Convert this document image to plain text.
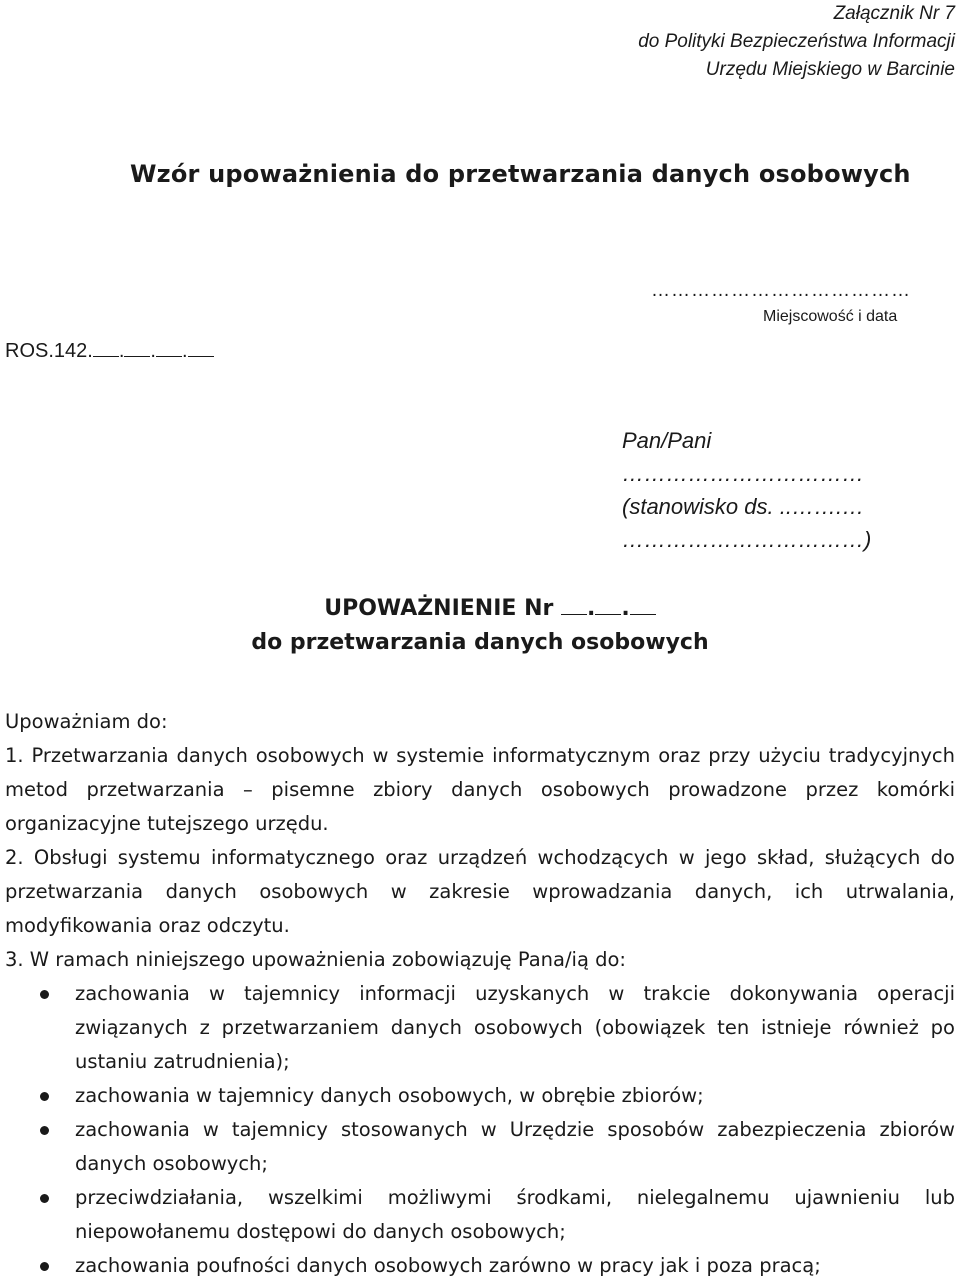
Załącznik Nr 7
do Polityki Bezpieczeństwa Informacji
Urzędu Miejskiego w Barcinie
Wzór upoważnienia do przetwarzania danych osobowych
…………………………………
Miejscowość i data
ROS.142. . . .
Pan/Pani
……………………………
(stanowisko ds. ..…….…
……………………………)
UPOWAŻNIENIE Nr . .
do przetwarzania danych osobowych
Upoważniam do:

1. Przetwarzania danych osobowych w systemie informatycznym oraz przy użyciu tradycyjnych metod przetwarzania – pisemne zbiory danych osobowych prowadzone przez komórki organizacyjne tutejszego urzędu.

2. Obsługi systemu informatycznego oraz urządzeń wchodzących w jego skład, służących do przetwarzania danych osobowych w zakresie wprowadzania danych, ich utrwalania, modyfikowania oraz odczytu.

3. W ramach niniejszego upoważnienia zobowiązuję Pana/ią do:

zachowania w tajemnicy informacji uzyskanych w trakcie dokonywania operacji związanych z przetwarzaniem danych osobowych (obowiązek ten istnieje również po ustaniu zatrudnienia);
zachowania w tajemnicy danych osobowych, w obrębie zbiorów;
zachowania w tajemnicy stosowanych w Urzędzie sposobów zabezpieczenia zbiorów danych osobowych;
przeciwdziałania, wszelkimi możliwymi środkami, nielegalnemu ujawnieniu lub niepowołanemu dostępowi do danych osobowych;
zachowania poufności danych osobowych zarówno w pracy jak i poza pracą;
